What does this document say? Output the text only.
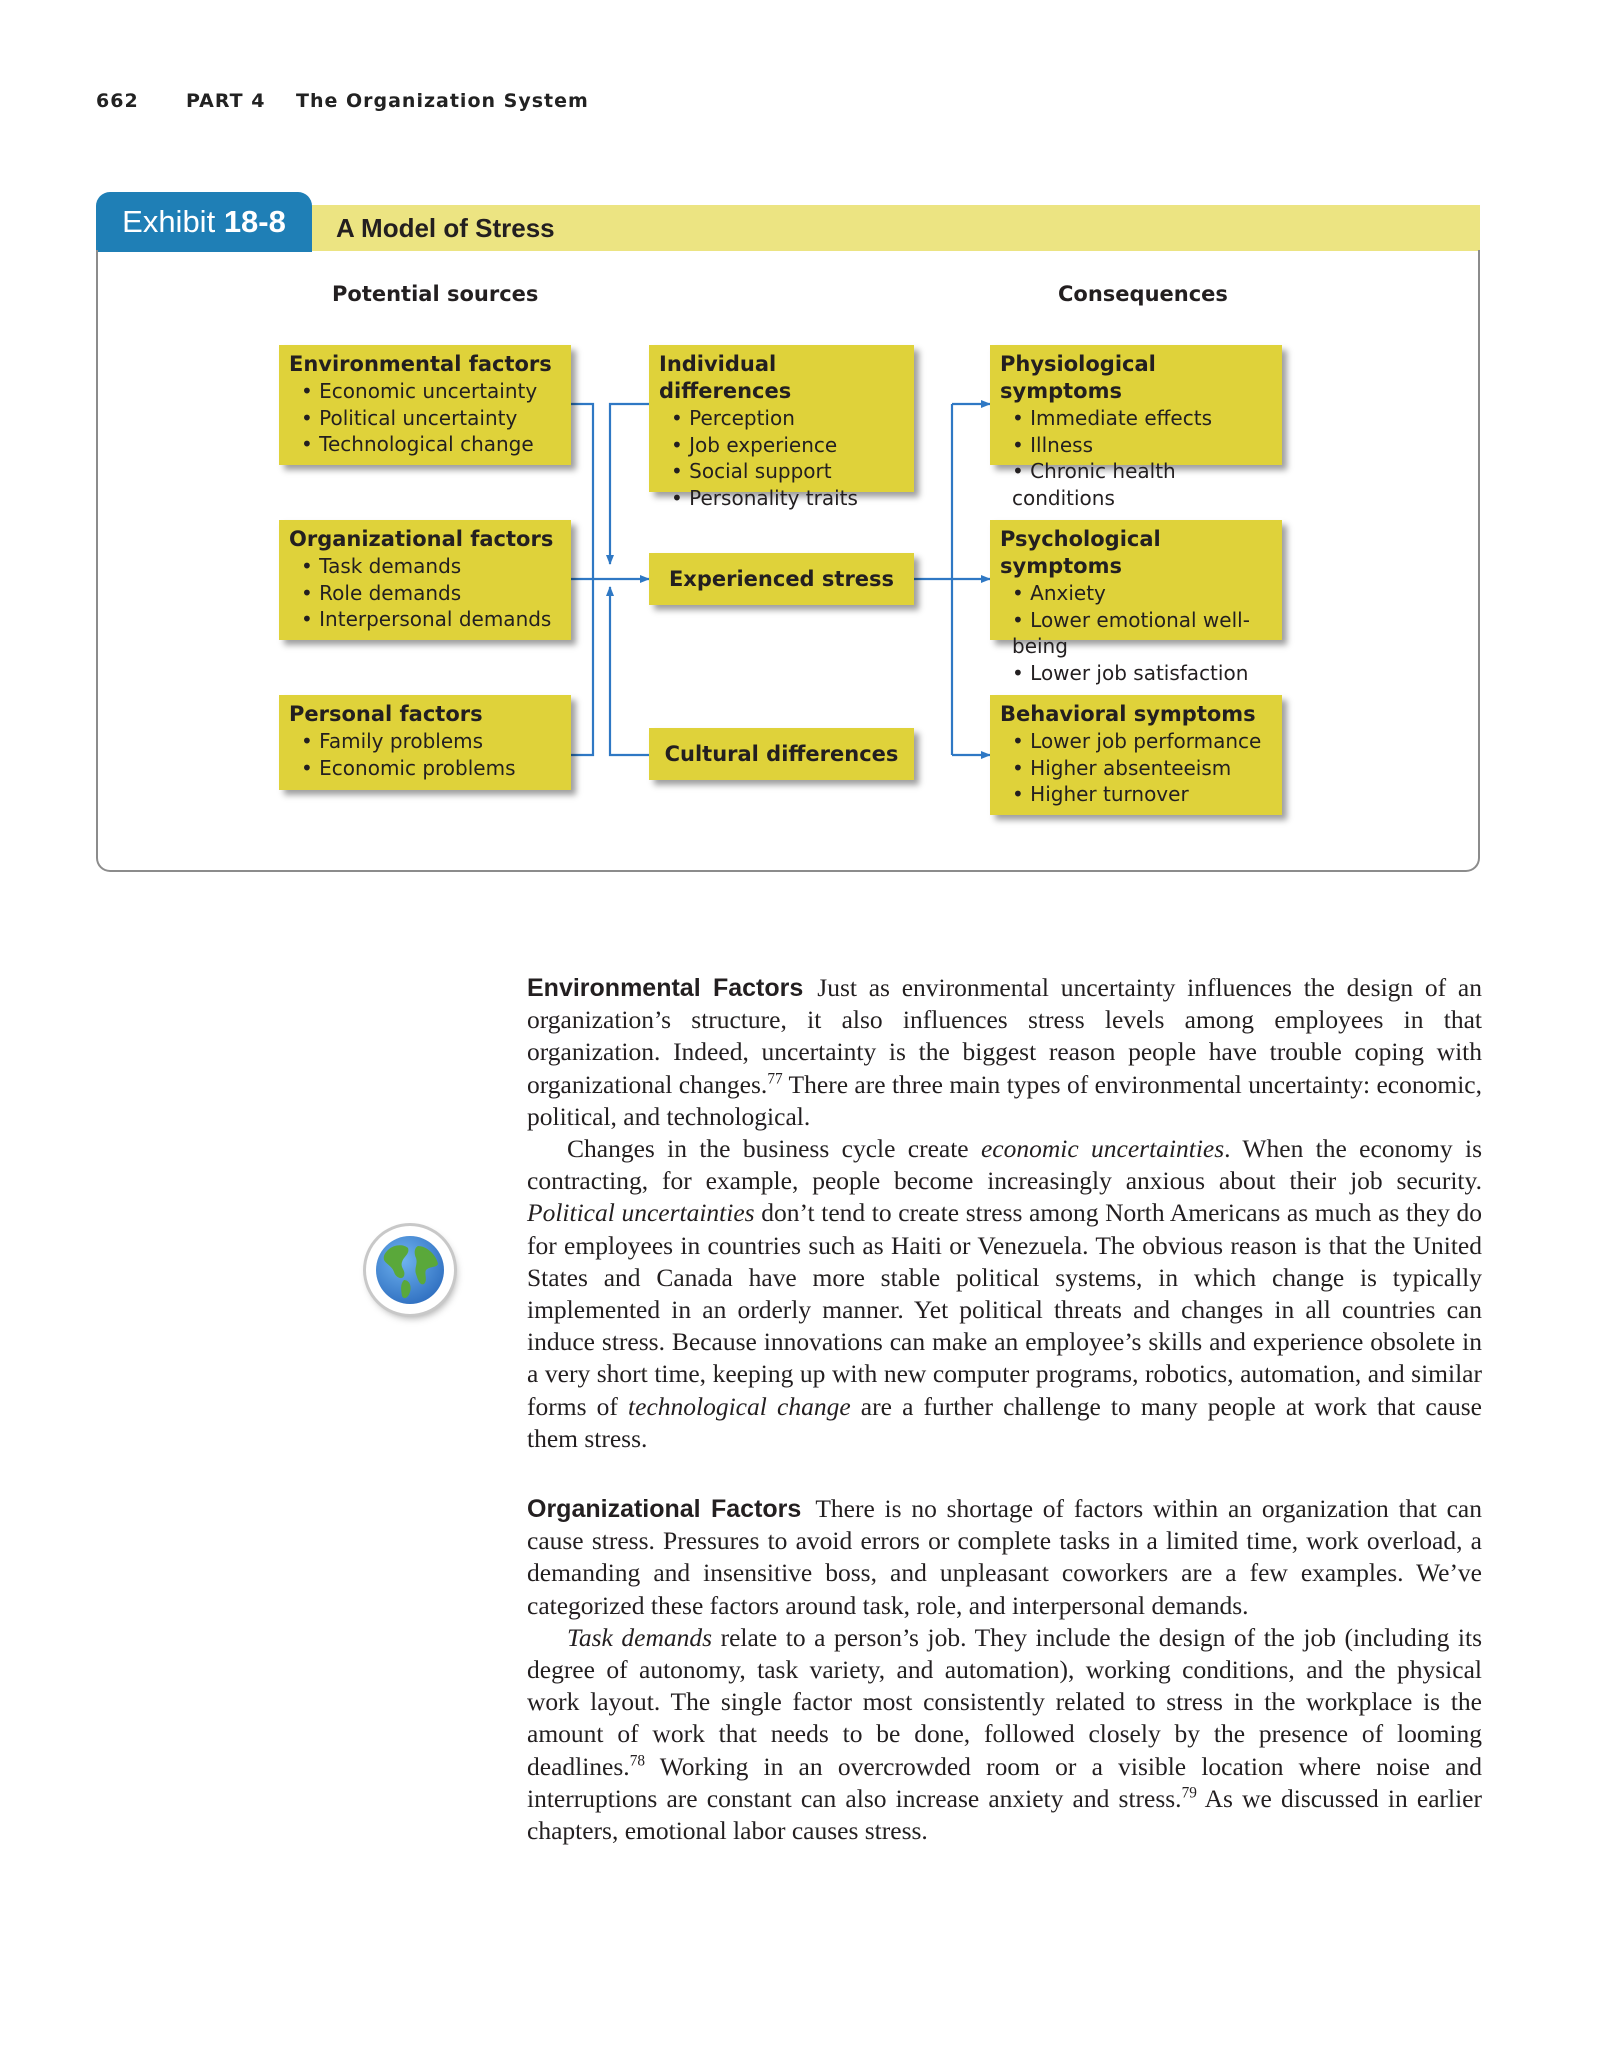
662 PART 4 The Organization System
Exhibit 18-8	A Model of Stress
Potential sources	Consequences
Environmental factors
• Economic uncertainty
• Political uncertainty
• Technological change
Organizational factors
• Task demands
• Role demands
• Interpersonal demands
Personal factors
• Family problems
• Economic problems
Individual differences
• Perception
• Job experience
• Social support
• Personality traits
Experienced stress
Cultural differences
Physiological symptoms
• Immediate effects
• Illness
• Chronic health conditions
Psychological symptoms
• Anxiety
• Lower emotional well-being
• Lower job satisfaction
Behavioral symptoms
• Lower job performance
• Higher absenteeism
• Higher turnover

Environmental Factors Just as environmental uncertainty influences the design of an organization’s structure, it also influences stress levels among employees in that organization. Indeed, uncertainty is the biggest reason people have trouble coping with organizational changes.$^{77}$ There are three main types of environmental uncertainty: economic, political, and technological.

Changes in the business cycle create economic uncertainties. When the economy is contracting, for example, people become increasingly anxious about their job security. Political uncertainties don’t tend to create stress among North Americans as much as they do for employees in countries such as Haiti or Venezuela. The obvious reason is that the United States and Canada have more stable political systems, in which change is typically implemented in an orderly manner. Yet political threats and changes in all countries can induce stress. Because innovations can make an employee’s skills and experience obsolete in a very short time, keeping up with new computer programs, robotics, automation, and similar forms of technological change are a further challenge to many people at work that cause them stress.

Organizational Factors There is no shortage of factors within an organization that can cause stress. Pressures to avoid errors or complete tasks in a limited time, work overload, a demanding and insensitive boss, and unpleasant coworkers are a few examples. We’ve categorized these factors around task, role, and interpersonal demands.

Task demands relate to a person’s job. They include the design of the job (including its degree of autonomy, task variety, and automation), working conditions, and the physical work layout. The single factor most consistently related to stress in the workplace is the amount of work that needs to be done, followed closely by the presence of looming deadlines.$^{78}$ Working in an overcrowded room or a visible location where noise and interruptions are constant can also increase anxiety and stress.$^{79}$ As we discussed in earlier chapters, emotional labor causes stress.
